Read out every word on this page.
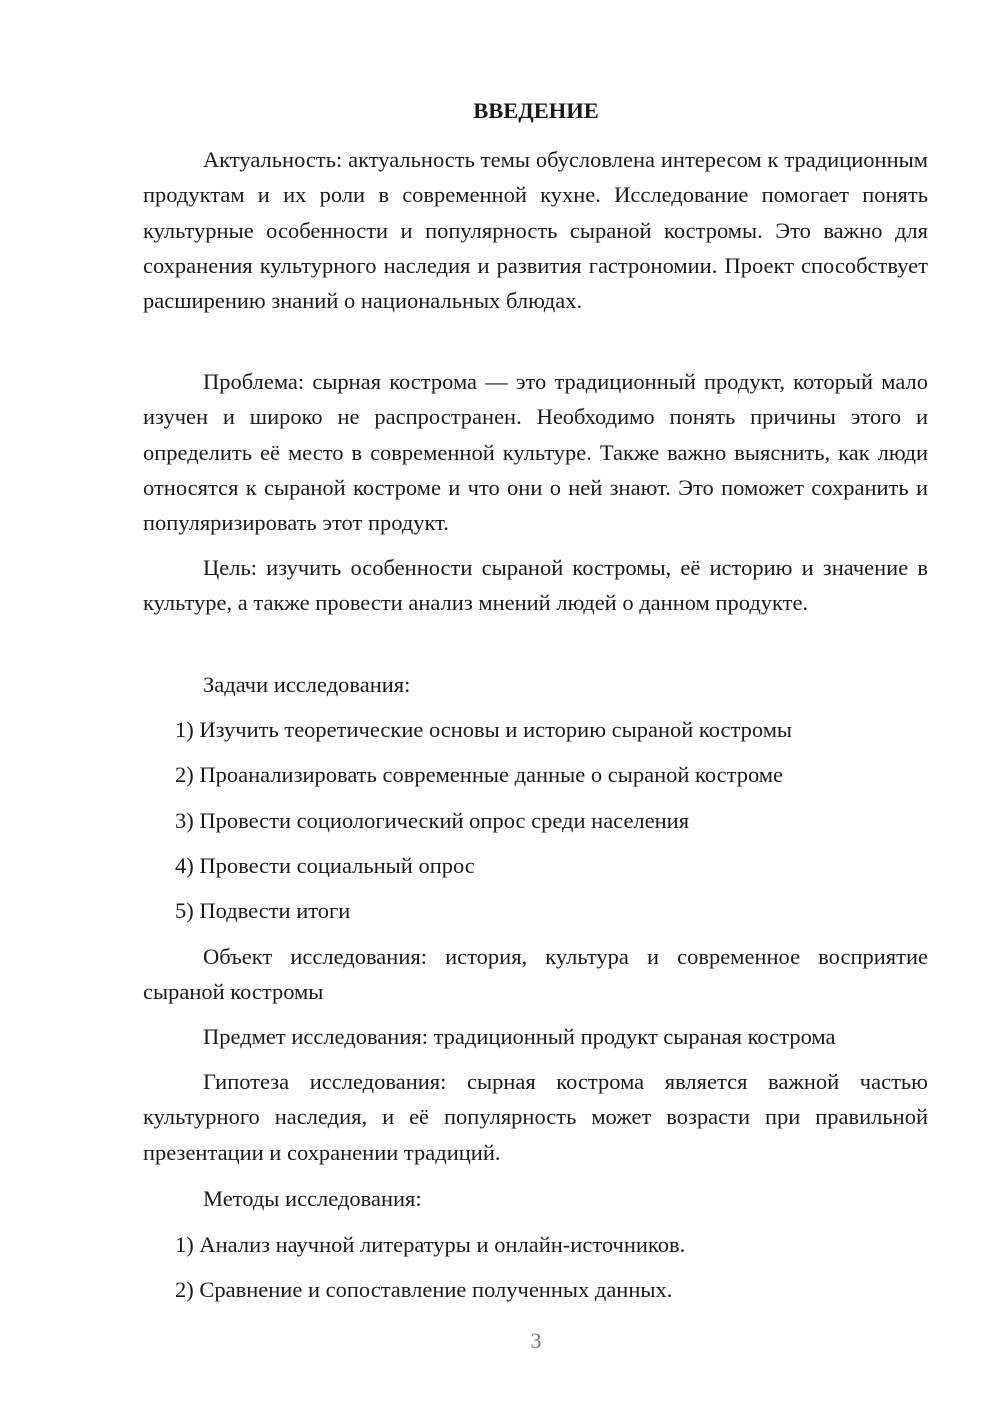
ВВЕДЕНИЕ

Актуальность: актуальность темы обусловлена интересом к традиционным продуктам и их роли в современной кухне. Исследование помогает понять культурные особенности и популярность сыраной костромы. Это важно для сохранения культурного наследия и развития гастрономии. Проект способствует расширению знаний о национальных блюдах.

Проблема: сырная кострома — это традиционный продукт, который мало изучен и широко не распространен. Необходимо понять причины этого и определить её место в современной культуре. Также важно выяснить, как люди относятся к сыраной костроме и что они о ней знают. Это поможет сохранить и популяризировать этот продукт.

Цель: изучить особенности сыраной костромы, её историю и значение в культуре, а также провести анализ мнений людей о данном продукте.

Задачи исследования:

1) Изучить теоретические основы и историю сыраной костромы

2) Проанализировать современные данные о сыраной костроме

3) Провести социологический опрос среди населения

4) Провести социальный опрос

5) Подвести итоги

Объект исследования: история, культура и современное восприятие сыраной костромы

Предмет исследования: традиционный продукт сыраная кострома

Гипотеза исследования: сырная кострома является важной частью культурного наследия, и её популярность может возрасти при правильной презентации и сохранении традиций.

Методы исследования:

1) Анализ научной литературы и онлайн-источников.

2) Сравнение и сопоставление полученных данных.

3
